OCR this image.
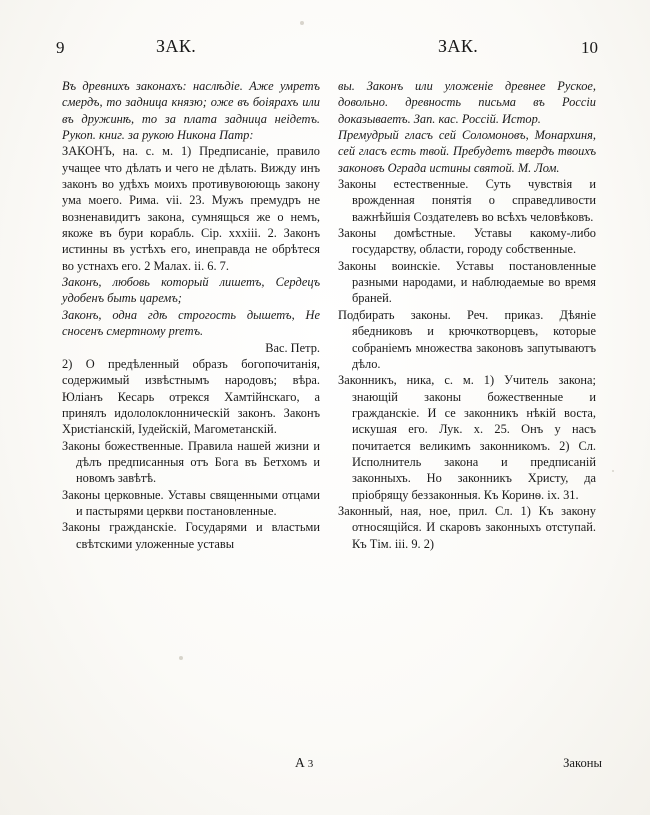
9	ЗАК.	ЗАК.	10

Въ древнихъ законахъ: наслѣдiе. Аже умретъ смердъ, то задница князю; оже въ боiярахъ или въ дружинѣ, то за плата задница неiдетъ. Рукоп. книг. за рукою Никона Патр:

ЗАКОНЪ, на. с. м. 1) Предписанiе, правило учащее что дѣлать и чего не дѣлать. Вижду инъ законъ во удѣхъ моихъ противувоюющь закону ума моего. Рима. vii. 23. Мужъ премудръ не возненавидитъ закона, сумнящься же о немъ, якоже въ бури корабль. Сiр. xxxiii. 2. Законъ истинны въ устѣхъ его, инеправда не обрѣтеся во устнахъ его. 2 Малах. ii. 6. 7.

Законъ, любовь который лишетъ, Сердецъ удобенъ быть царемъ;

Законъ, одна гдѣ строгость дышетъ, Не сносенъ смертному premъ.

Вас. Петр.

2) О предѣленный образъ богопочитанiя, содержимый извѣстнымъ народовъ; вѣра. Юлiанъ Кесарь отрекся Хамтiйнскаго, а принялъ идололоклонническiй законъ. Законъ Христiанскiй, Iудейскiй, Магометанскiй.

Законы божественные. Правила нашей жизни и дѣлъ предписанныя отъ Бога въ Бетхомъ и новомъ завѣтѣ.

Законы церковные. Уставы священными отцами и пастырями церкви постановленные.

Законы гражданскiе. Государями и властьми свѣтскими уложенные уставы

вы. Законъ или уложенiе древнее Руское, довольно. древность письма въ Россiи доказываетъ. Зап. кас. Россiй. Истор.

Премудрый гласъ сей Соломоновъ, Монархиня, сей гласъ есть твой. Пребудетъ твердъ твоихъ законовъ Ограда истины святой. М. Лом.

Законы естественные. Суть чувствiя и врожденная понятiя о справедливости важнѣйшiя Создателевъ во всѣхъ человѣковъ.

Законы домѣстные. Уставы какому-либо государству, области, городу собственные.

Законы воинскiе. Уставы постановленные разными народами, и наблюдаемые во время браней.

Подбирать законы. Реч. приказ. Дѣянiе ябедниковъ и крючкотворцевъ, которые собранiемъ множества законовъ запутываютъ дѣло.

Законникъ, ника, с. м. 1) Учитель закона; знающiй законы божественные и гражданскiе. И се законникъ нѣкiй воста, искушая его. Лук. x. 25. Онъ у насъ почитается великимъ законникомъ. 2) Сл. Исполнитель закона и предписанiй законныхъ. Но законникъ Христу, да прiобрящу беззаконныя. Къ Коринѳ. ix. 31.

Законный, ная, ное, прил. Сл. 1) Къ закону относящiйся. И скаровъ законныхъ отступай. Къ Тiм. iii. 9. 2)

А 3	Законы
